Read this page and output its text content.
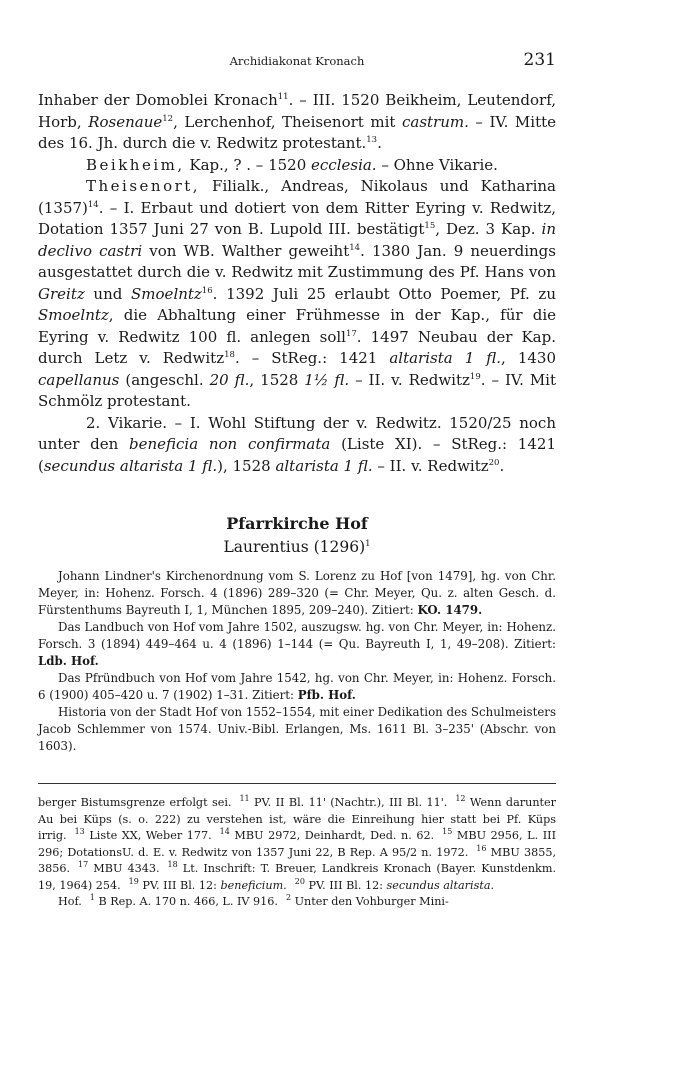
Archidiakonat Kronach	231

Inhaber der Domoblei Kronach$^{11}$. – III. 1520 Beikheim, Leutendorf, Horb, Rosenaue$^{12}$, Lerchenhof, Theisenort mit castrum. – IV. Mitte des 16. Jh. durch die v. Redwitz protestant.$^{13}$.

Beikheim, Kap., ? . – 1520 ecclesia. – Ohne Vikarie.

Theisenort, Filialk., Andreas, Nikolaus und Katharina $(1357)^{14}$. – I. Erbaut und dotiert von dem Ritter Eyring v. Redwitz, Dotation 1357 Juni 27 von B. Lupold III. bestätigt$^{15}$, Dez. 3 Kap. in declivo castri von WB. Walther geweiht$^{14}$. 1380 Jan. 9 neuerdings ausgestattet durch die v. Redwitz mit Zustimmung des Pf. Hans von Greitz und Smoelntz$^{16}$. 1392 Juli 25 erlaubt Otto Poemer, Pf. zu Smoelntz, die Abhaltung einer Frühmesse in der Kap., für die Eyring v. Redwitz 100 fl. anlegen soll$^{17}$. 1497 Neubau der Kap. durch Letz v. Redwitz$^{18}$. – StReg.: 1421 altarista 1 fl., 1430 capellanus (angeschl. 20 fl., 1528 1½ fl. – II. v. Redwitz$^{19}$. – IV. Mit Schmölz protestant.

2. Vikarie. – I. Wohl Stiftung der v. Redwitz. 1520/25 noch unter den beneficia non confirmata (Liste XI). – StReg.: 1421 (secundus altarista 1 fl.), 1528 altarista 1 fl. – II. v. Redwitz$^{20}$.

Pfarrkirche Hof
Laurentius $(1296)^1$

Johann Lindner's Kirchenordnung vom S. Lorenz zu Hof [von 1479], hg. von Chr. Meyer, in: Hohenz. Forsch. 4 (1896) 289–320 (= Chr. Meyer, Qu. z. alten Gesch. d. Fürstenthums Bayreuth I, 1, München 1895, 209–240). Zitiert: KO. 1479.

Das Landbuch von Hof vom Jahre 1502, auszugsw. hg. von Chr. Meyer, in: Hohenz. Forsch. 3 (1894) 449–464 u. 4 (1896) 1–144 (= Qu. Bayreuth I, 1, 49–208). Zitiert: Ldb. Hof.

Das Pfründbuch von Hof vom Jahre 1542, hg. von Chr. Meyer, in: Hohenz. Forsch. 6 (1900) 405–420 u. 7 (1902) 1–31. Zitiert: Pfb. Hof.

Historia von der Stadt Hof von 1552–1554, mit einer Dedikation des Schulmeisters Jacob Schlemmer von 1574. Univ.-Bibl. Erlangen, Ms. 1611 Bl. 3–235' (Abschr. von 1603).

berger Bistumsgrenze erfolgt sei. $^{11}$ PV. II Bl. 11' (Nachtr.), III Bl. 11'. $^{12}$ Wenn darunter Au bei Küps (s. o. 222) zu verstehen ist, wäre die Einreihung hier statt bei Pf. Küps irrig. $^{13}$ Liste XX, Weber 177. $^{14}$ MBU 2972, Deinhardt, Ded. n. 62. $^{15}$ MBU 2956, L. III 296; DotationsU. d. E. v. Redwitz von 1357 Juni 22, B Rep. A 95/2 n. 1972. $^{16}$ MBU 3855, 3856. $^{17}$ MBU 4343. $^{18}$ Lt. Inschrift: T. Breuer, Landkreis Kronach (Bayer. Kunstdenkm. 19, 1964) 254. $^{19}$ PV. III Bl. 12: beneficium. $^{20}$ PV. III Bl. 12: secundus altarista.

Hof. $^1$ B Rep. A. 170 n. 466, L. IV 916. $^2$ Unter den Vohburger Mini-
